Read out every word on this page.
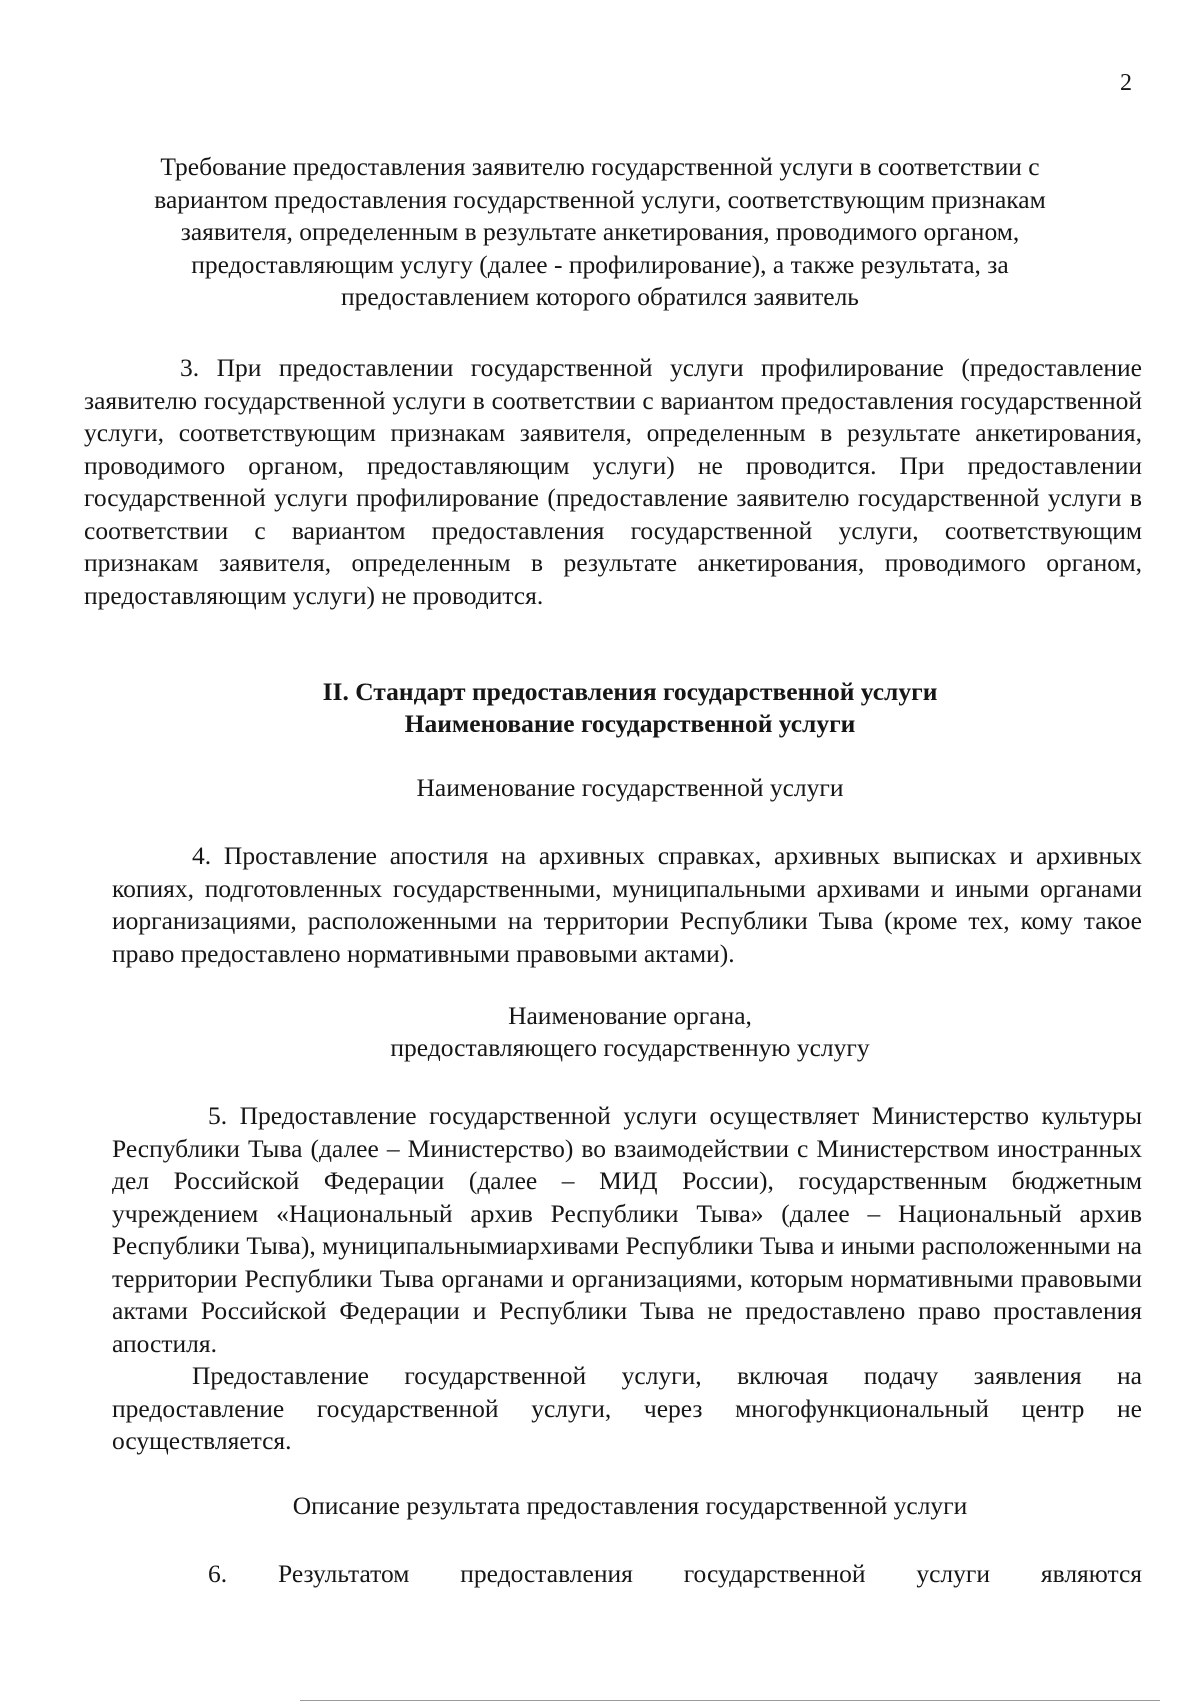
2

Требование предоставления заявителю государственной услуги в соответствии с вариантом предоставления государственной услуги, соответствующим признакам заявителя, определенным в результате анкетирования, проводимого органом, предоставляющим услугу (далее - профилирование), а также результата, за предоставлением которого обратился заявитель

3. При предоставлении государственной услуги профилирование (предоставление заявителю государственной услуги в соответствии с вариантом предоставления государственной услуги, соответствующим признакам заявителя, определенным в результате анкетирования, проводимого органом, предоставляющим услуги) не проводится. При предоставлении государственной услуги профилирование (предоставление заявителю государственной услуги в соответствии с вариантом предоставления государственной услуги, соответствующим признакам заявителя, определенным в результате анкетирования, проводимого органом, предоставляющим услуги) не проводится.

II. Стандарт предоставления государственной услуги

Наименование государственной услуги

Наименование государственной услуги

4. Проставление апостиля на архивных справках, архивных выписках и архивных копиях, подготовленных государственными, муниципальными архивами и иными органами иорганизациями, расположенными на территории Республики Тыва (кроме тех, кому такое право предоставлено нормативными правовыми актами).

Наименование органа,

предоставляющего государственную услугу

5. Предоставление государственной услуги осуществляет Министерство культуры Республики Тыва (далее – Министерство) во взаимодействии с Министерством иностранных дел Российской Федерации (далее – МИД России), государственным бюджетным учреждением «Национальный архив Республики Тыва» (далее – Национальный архив Республики Тыва), муниципальнымиархивами Республики Тыва и иными расположенными на территории Республики Тыва органами и организациями, которым нормативными правовыми актами Российской Федерации и Республики Тыва не предоставлено право проставления апостиля.

Предоставление государственной услуги, включая подачу заявления на предоставление государственной услуги, через многофункциональный центр не осуществляется.

Описание результата предоставления государственной услуги

6. Результатом предоставления государственной услуги являются
